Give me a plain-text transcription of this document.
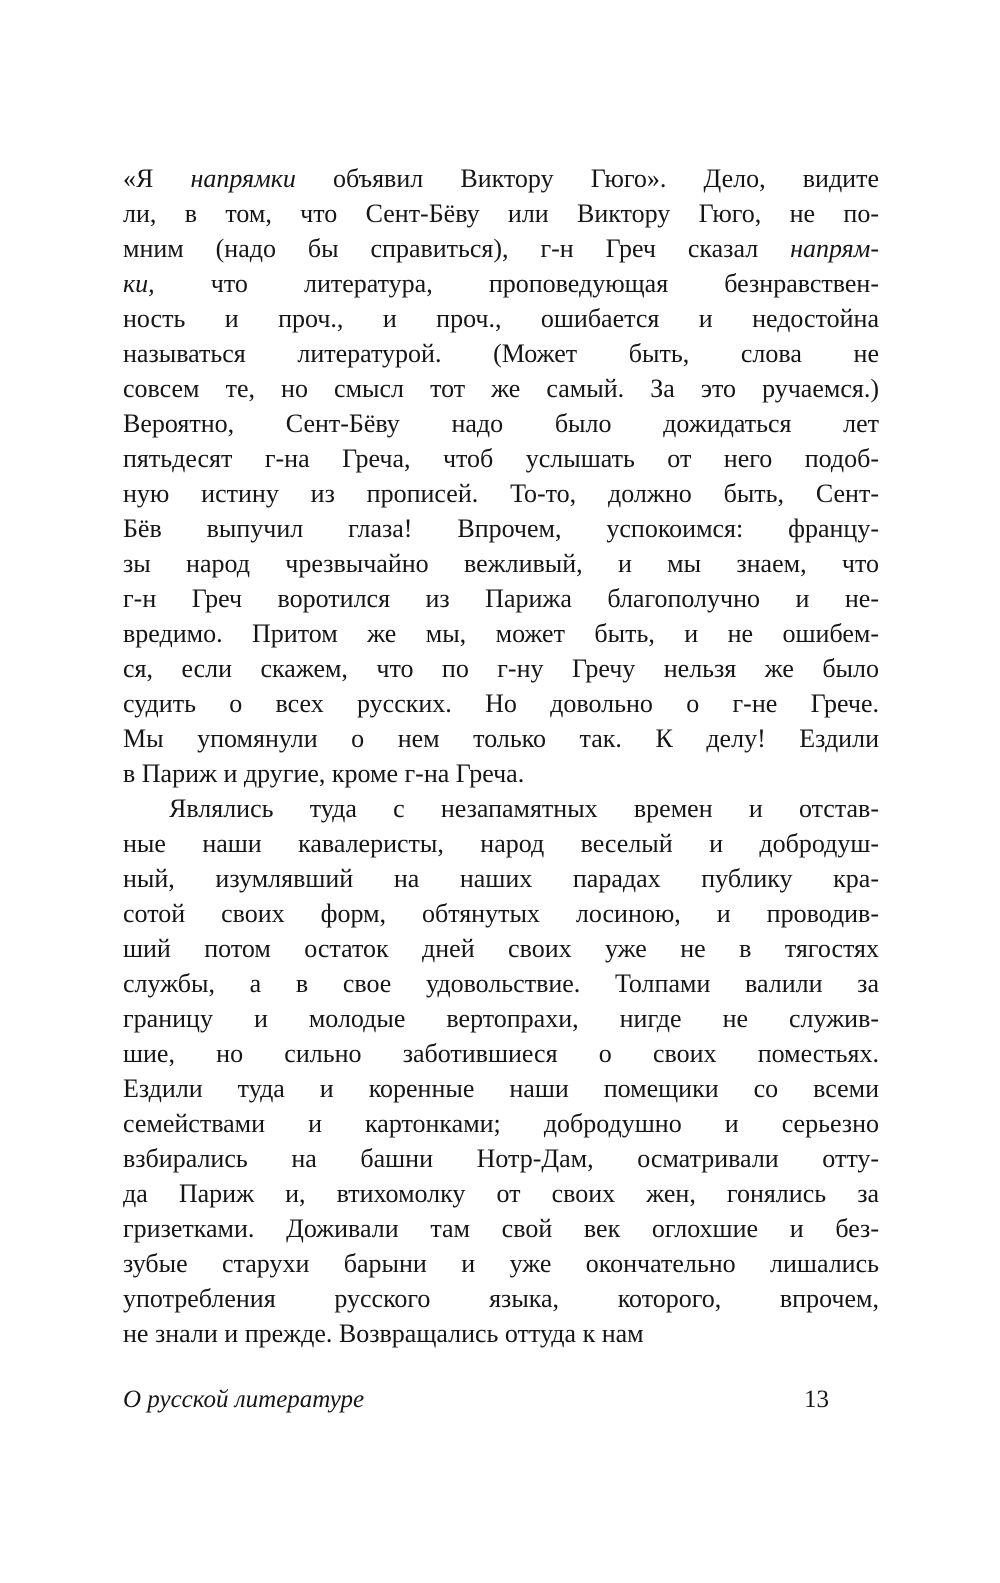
«Я напрямки объявил Виктору Гюго». Дело, видите
ли, в том, что Сент-Бёву или Виктору Гюго, не по-
мним (надо бы справиться), г-н Греч сказал напрям-
ки, что литература, проповедующая безнравствен-
ность и проч., и проч., ошибается и недостойна
называться литературой. (Может быть, слова не
совсем те, но смысл тот же самый. За это ручаемся.)
Вероятно, Сент-Бёву надо было дожидаться лет
пятьдесят г-на Греча, чтоб услышать от него подоб-
ную истину из прописей. То-то, должно быть, Сент-
Бёв выпучил глаза! Впрочем, успокоимся: францу-
зы народ чрезвычайно вежливый, и мы знаем, что
г-н Греч воротился из Парижа благополучно и не-
вредимо. Притом же мы, может быть, и не ошибем-
ся, если скажем, что по г-ну Гречу нельзя же было
судить о всех русских. Но довольно о г-не Грече.
Мы упомянули о нем только так. К делу! Ездили
в Париж и другие, кроме г-на Греча.
Являлись туда с незапамятных времен и отстав-
ные наши кавалеристы, народ веселый и добродуш-
ный, изумлявший на наших парадах публику кра-
сотой своих форм, обтянутых лосиною, и проводив-
ший потом остаток дней своих уже не в тягостях
службы, а в свое удовольствие. Толпами валили за
границу и молодые вертопрахи, нигде не служив-
шие, но сильно заботившиеся о своих поместьях.
Ездили туда и коренные наши помещики со всеми
семействами и картонками; добродушно и серьезно
взбирались на башни Нотр-Дам, осматривали отту-
да Париж и, втихомолку от своих жен, гонялись за
гризетками. Доживали там свой век оглохшие и без-
зубые старухи барыни и уже окончательно лишались
употребления русского языка, которого, впрочем,
не знали и прежде. Возвращались оттуда к нам
О русской литературе	13
